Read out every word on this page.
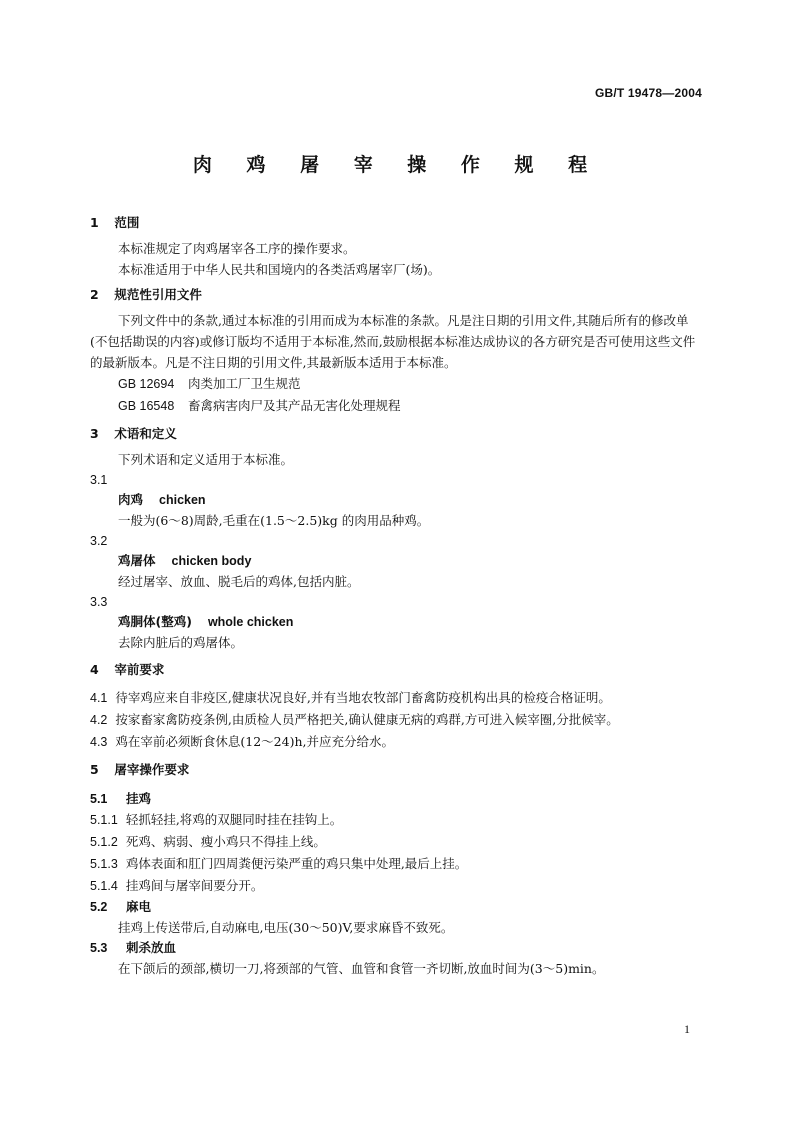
GB/T 19478—2004
肉 鸡 屠 宰 操 作 规 程

1 范围

本标准规定了肉鸡屠宰各工序的操作要求。

本标准适用于中华人民共和国境内的各类活鸡屠宰厂(场)。

2 规范性引用文件

下列文件中的条款,通过本标准的引用而成为本标准的条款。凡是注日期的引用文件,其随后所有的修改单(不包括勘误的内容)或修订版均不适用于本标准,然而,鼓励根据本标准达成协议的各方研究是否可使用这些文件的最新版本。凡是不注日期的引用文件,其最新版本适用于本标准。

GB 12694 肉类加工厂卫生规范

GB 16548 畜禽病害肉尸及其产品无害化处理规程

3 术语和定义

下列术语和定义适用于本标准。

3.1

肉鸡 chicken

一般为(6～8)周龄,毛重在(1.5～2.5)kg 的肉用品种鸡。

3.2

鸡屠体 chicken body

经过屠宰、放血、脱毛后的鸡体,包括内脏。

3.3

鸡胴体(整鸡) whole chicken

去除内脏后的鸡屠体。

4 宰前要求

4.1 待宰鸡应来自非疫区,健康状况良好,并有当地农牧部门畜禽防疫机构出具的检疫合格证明。

4.2 按家畜家禽防疫条例,由质检人员严格把关,确认健康无病的鸡群,方可进入候宰圈,分批候宰。

4.3 鸡在宰前必须断食休息(12～24)h,并应充分给水。

5 屠宰操作要求

5.1 挂鸡

5.1.1 轻抓轻挂,将鸡的双腿同时挂在挂钩上。

5.1.2 死鸡、病弱、瘦小鸡只不得挂上线。

5.1.3 鸡体表面和肛门四周粪便污染严重的鸡只集中处理,最后上挂。

5.1.4 挂鸡间与屠宰间要分开。

5.2 麻电

挂鸡上传送带后,自动麻电,电压(30～50)V,要求麻昏不致死。

5.3 刺杀放血

在下颌后的颈部,横切一刀,将颈部的气管、血管和食管一齐切断,放血时间为(3～5)min。

1
